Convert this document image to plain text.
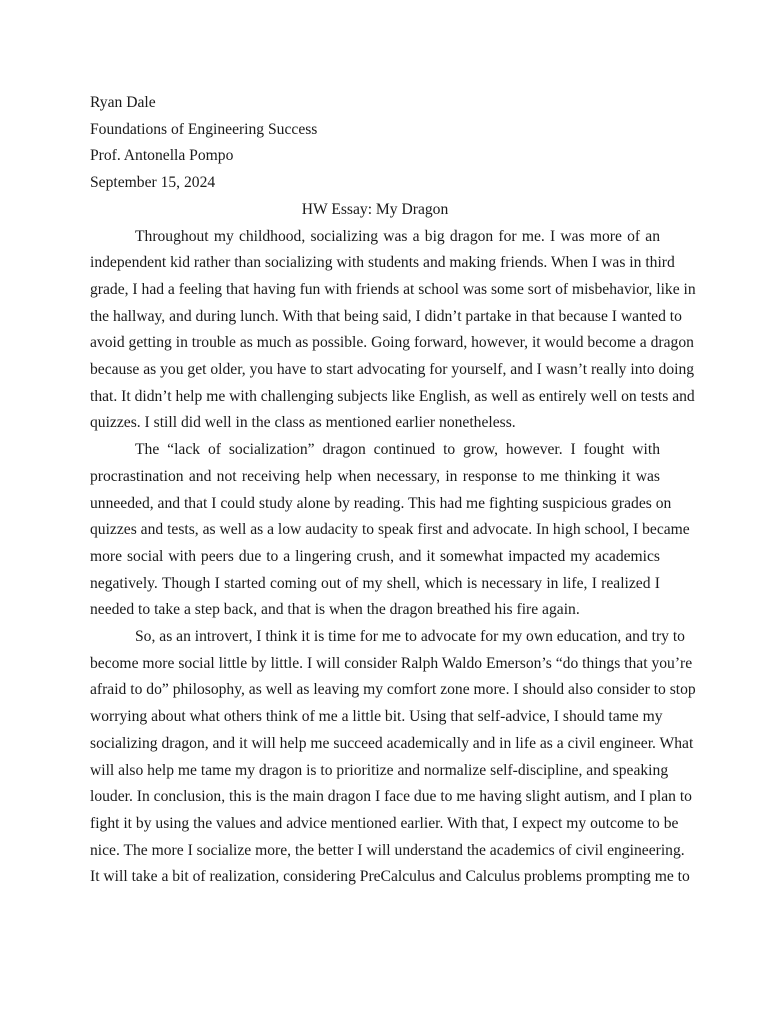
Ryan Dale

Foundations of Engineering Success

Prof. Antonella Pompo

September 15, 2024

HW Essay: My Dragon

Throughout my childhood, socializing was a big dragon for me. I was more of an
independent kid rather than socializing with students and making friends. When I was in third
grade, I had a feeling that having fun with friends at school was some sort of misbehavior, like in
the hallway, and during lunch. With that being said, I didn’t partake in that because I wanted to
avoid getting in trouble as much as possible. Going forward, however, it would become a dragon
because as you get older, you have to start advocating for yourself, and I wasn’t really into doing
that. It didn’t help me with challenging subjects like English, as well as entirely well on tests and
quizzes. I still did well in the class as mentioned earlier nonetheless.
The “lack of socialization” dragon continued to grow, however. I fought with
procrastination and not receiving help when necessary, in response to me thinking it was
unneeded, and that I could study alone by reading. This had me fighting suspicious grades on
quizzes and tests, as well as a low audacity to speak first and advocate. In high school, I became
more social with peers due to a lingering crush, and it somewhat impacted my academics
negatively. Though I started coming out of my shell, which is necessary in life, I realized I
needed to take a step back, and that is when the dragon breathed his fire again.
So, as an introvert, I think it is time for me to advocate for my own education, and try to
become more social little by little. I will consider Ralph Waldo Emerson’s “do things that you’re
afraid to do” philosophy, as well as leaving my comfort zone more. I should also consider to stop
worrying about what others think of me a little bit. Using that self-advice, I should tame my
socializing dragon, and it will help me succeed academically and in life as a civil engineer. What
will also help me tame my dragon is to prioritize and normalize self-discipline, and speaking
louder. In conclusion, this is the main dragon I face due to me having slight autism, and I plan to
fight it by using the values and advice mentioned earlier. With that, I expect my outcome to be
nice. The more I socialize more, the better I will understand the academics of civil engineering.
It will take a bit of realization, considering PreCalculus and Calculus problems prompting me to
